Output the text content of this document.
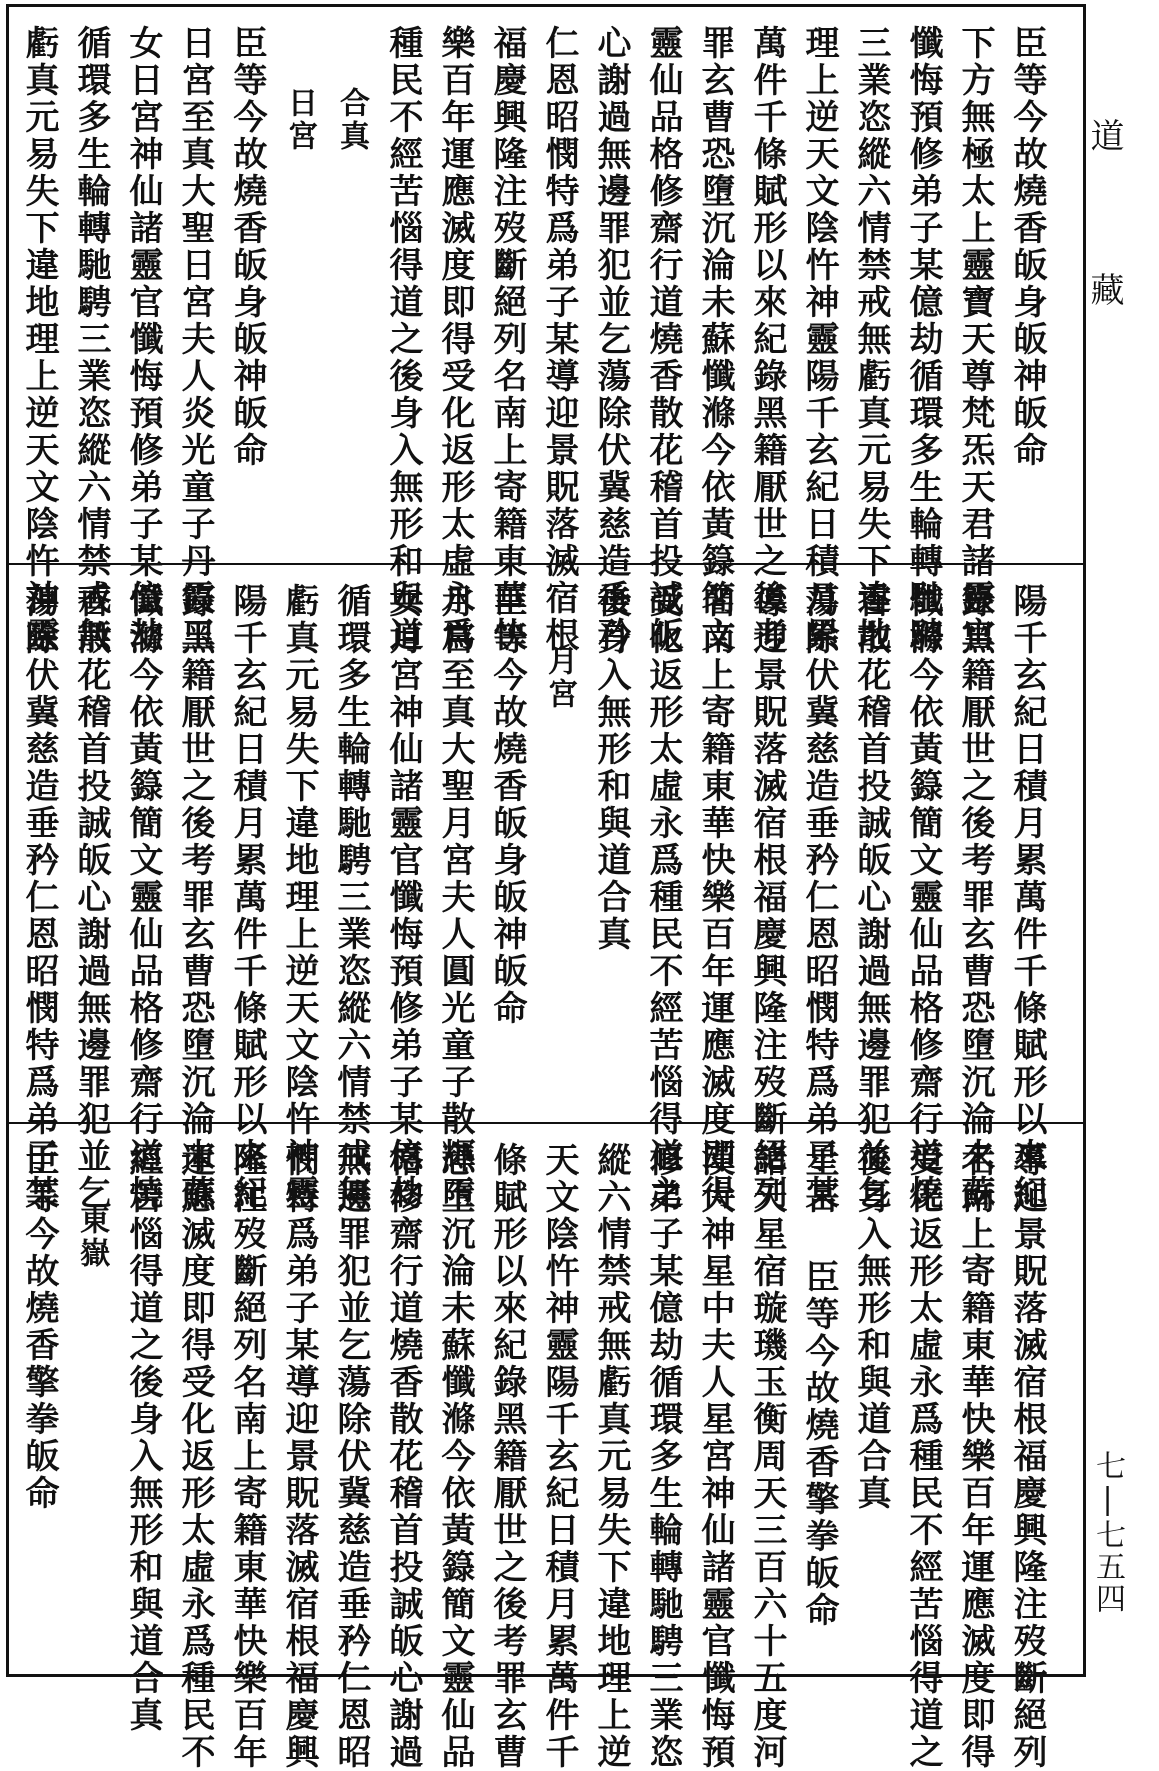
臣等今故燒香皈身皈神皈命
下方無極太上靈寶天尊梵炁天君諸靈官
懺悔預修弟子某億劫循環多生輪轉馳騁
三業恣縱六情禁戒無虧真元易失下違地
理上逆天文陰忤神靈陽千玄紀日積月累
萬件千條賦形以來紀錄黑籍厭世之後考
罪玄曹恐墮沉淪未蘇懺滌今依黃籙簡文
靈仙品格修齋行道燒香散花稽首投誠皈
心謝過無邊罪犯並乞蕩除伏冀慈造垂矜
仁恩昭憫特爲弟子某導迎景貺落滅宿根
福慶興隆注歿斷絕列名南上寄籍東華快
樂百年運應滅度即得受化返形太虛永爲
種民不經苦惱得道之後身入無形和與道
合真
日宮
臣等今故燒香皈身皈神皈命
日宮至真大聖日宮夫人炎光童子丹霞玉
女日宮神仙諸靈官懺悔預修弟子某億劫
循環多生輪轉馳騁三業恣縱六情禁戒無
虧真元易失下違地理上逆天文陰忤神靈
陽千玄紀日積月累萬件千條賦形以來紀
錄黑籍厭世之後考罪玄曹恐墮沉淪未蘇
懺滌今依黃籙簡文靈仙品格修齋行道燒
香散花稽首投誠皈心謝過無邊罪犯並乞
蕩除伏冀慈造垂矜仁恩昭憫特爲弟子某
導迎景貺落滅宿根福慶興隆注歿斷絕列
名南上寄籍東華快樂百年運應滅度即得
受化返形太虛永爲種民不經苦惱得道之
後身入無形和與道合真
月宮
臣等今故燒香皈身皈神皈命
月宮至真大聖月宮夫人圓光童子散輝玉
女月宮神仙諸靈官懺悔預修弟子某億劫
循環多生輪轉馳騁三業恣縱六情禁戒無
虧真元易失下違地理上逆天文陰忤神靈
陽千玄紀日積月累萬件千條賦形以來紀
錄黑籍厭世之後考罪玄曹恐墮沉淪未蘇
懺滌今依黃籙簡文靈仙品格修齋行道燒
香散花稽首投誠皈心謝過無邊罪犯並乞
蕩除伏冀慈造垂矜仁恩昭憫特爲弟子某
導迎景貺落滅宿根福慶興隆注歿斷絕列
名南上寄籍東華快樂百年運應滅度即得
受化返形太虛永爲種民不經苦惱得道之
後身入無形和與道合真
星宮 臣等今故燒香擎拳皈命
諸天星宿璇璣玉衡周天三百六十五度河
漢大神星中夫人星宮神仙諸靈官懺悔預
修弟子某億劫循環多生輪轉馳騁三業恣
縱六情禁戒無虧真元易失下違地理上逆
天文陰忤神靈陽千玄紀日積月累萬件千
條賦形以來紀錄黑籍厭世之後考罪玄曹
恐墮沉淪未蘇懺滌今依黃籙簡文靈仙品
格修齋行道燒香散花稽首投誠皈心謝過
無邊罪犯並乞蕩除伏冀慈造垂矜仁恩昭
憫特爲弟子某導迎景貺落滅宿根福慶興
隆注歿斷絕列名南上寄籍東華快樂百年
運應滅度即得受化返形太虛永爲種民不
經苦惱得道之後身入無形和與道合真
東嶽
臣等今故燒香擎拳皈命
道藏
七|七五四
